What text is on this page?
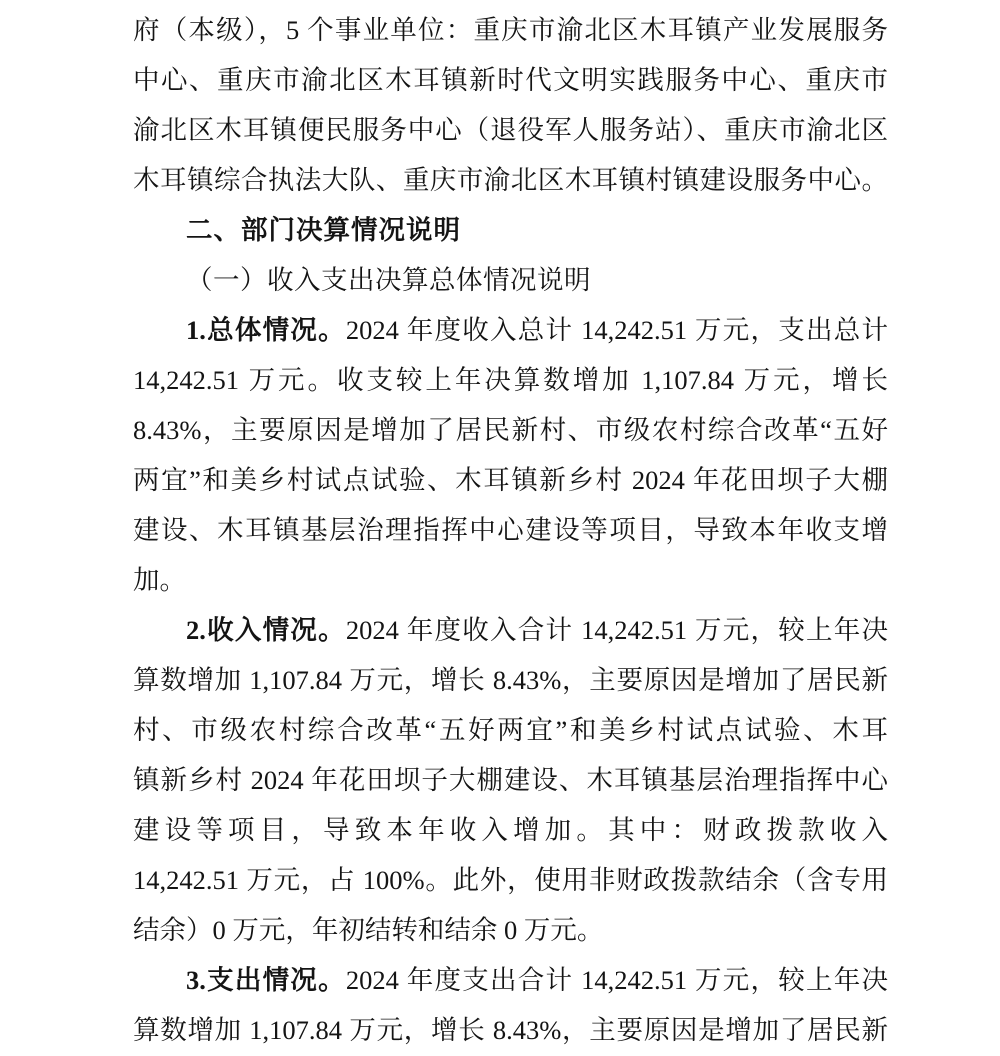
府（本级），5 个事业单位：重庆市渝北区木耳镇产业发展服务
中心、重庆市渝北区木耳镇新时代文明实践服务中心、重庆市
渝北区木耳镇便民服务中心（退役军人服务站）、重庆市渝北区
木耳镇综合执法大队、重庆市渝北区木耳镇村镇建设服务中心。
二、部门决算情况说明
（一）收入支出决算总体情况说明
1.总体情况。2024 年度收入总计 14,242.51 万元，支出总计
14,242.51 万元。收支较上年决算数增加 1,107.84 万元，增长
8.43%，主要原因是增加了居民新村、市级农村综合改革“五好
两宜”和美乡村试点试验、木耳镇新乡村 2024 年花田坝子大棚
建设、木耳镇基层治理指挥中心建设等项目，导致本年收支增
加。
2.收入情况。2024 年度收入合计 14,242.51 万元，较上年决
算数增加 1,107.84 万元，增长 8.43%，主要原因是增加了居民新
村、市级农村综合改革“五好两宜”和美乡村试点试验、木耳
镇新乡村 2024 年花田坝子大棚建设、木耳镇基层治理指挥中心
建设等项目，导致本年收入增加。其中：财政拨款收入
14,242.51 万元，占 100%。此外，使用非财政拨款结余（含专用
结余）0 万元，年初结转和结余 0 万元。
3.支出情况。2024 年度支出合计 14,242.51 万元，较上年决
算数增加 1,107.84 万元，增长 8.43%，主要原因是增加了居民新
